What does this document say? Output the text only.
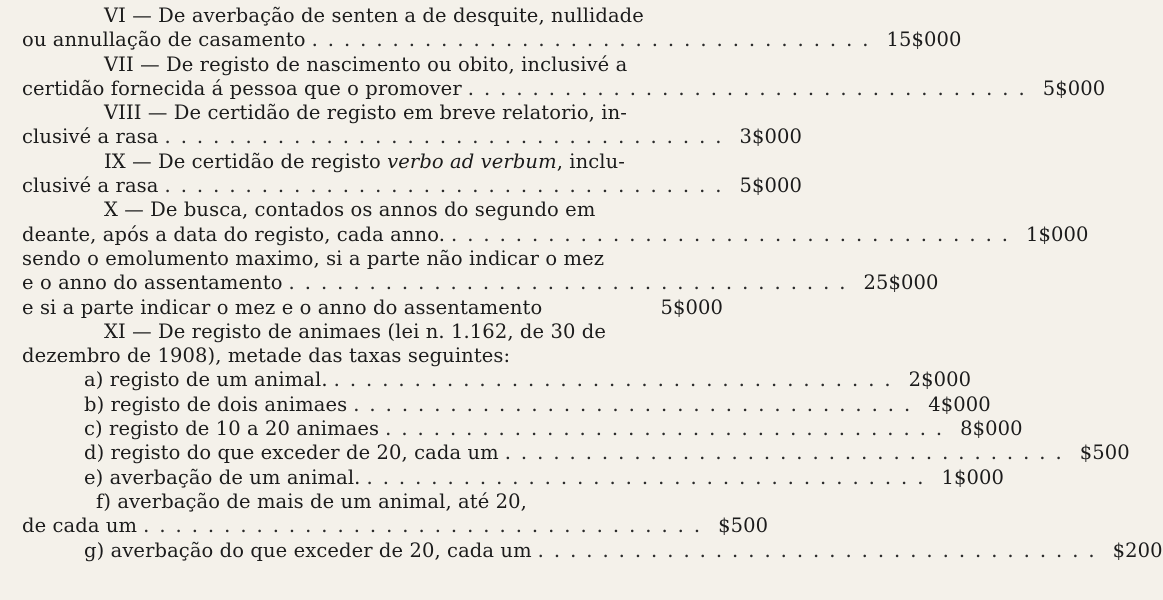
VI — De averbação de senten a de desquite, nullidade
ou annullação de casamento ................................... 15$000
VII — De registo de nascimento ou obito, inclusivé a
certidão fornecida á pessoa que o promover ................................... 5$000
VIII — De certidão de registo em breve relatorio, in-
clusivé a rasa ................................... 3$000
IX — De certidão de registo verbo ad verbum, inclu-
clusivé a rasa ................................... 5$000
X — De busca, contados os annos do segundo em
deante, após a data do registo, cada anno. ................................... 1$000
sendo o emolumento maximo, si a parte não indicar o mez
e o anno do assentamento ................................... 25$000
e si a parte indicar o mez e o anno do assentamento	5$000
XI — De registo de animaes (lei n. 1.162, de 30 de
dezembro de 1908), metade das taxas seguintes:
a) registo de um animal. ................................... 2$000
b) registo de dois animaes ................................... 4$000
c) registo de 10 a 20 animaes ................................... 8$000
d) registo do que exceder de 20, cada um ................................... $500
e) averbação de um animal. ................................... 1$000
f) averbação de mais de um animal, até 20,
de cada um ................................... $500
g) averbação do que exceder de 20, cada um ................................... $200
